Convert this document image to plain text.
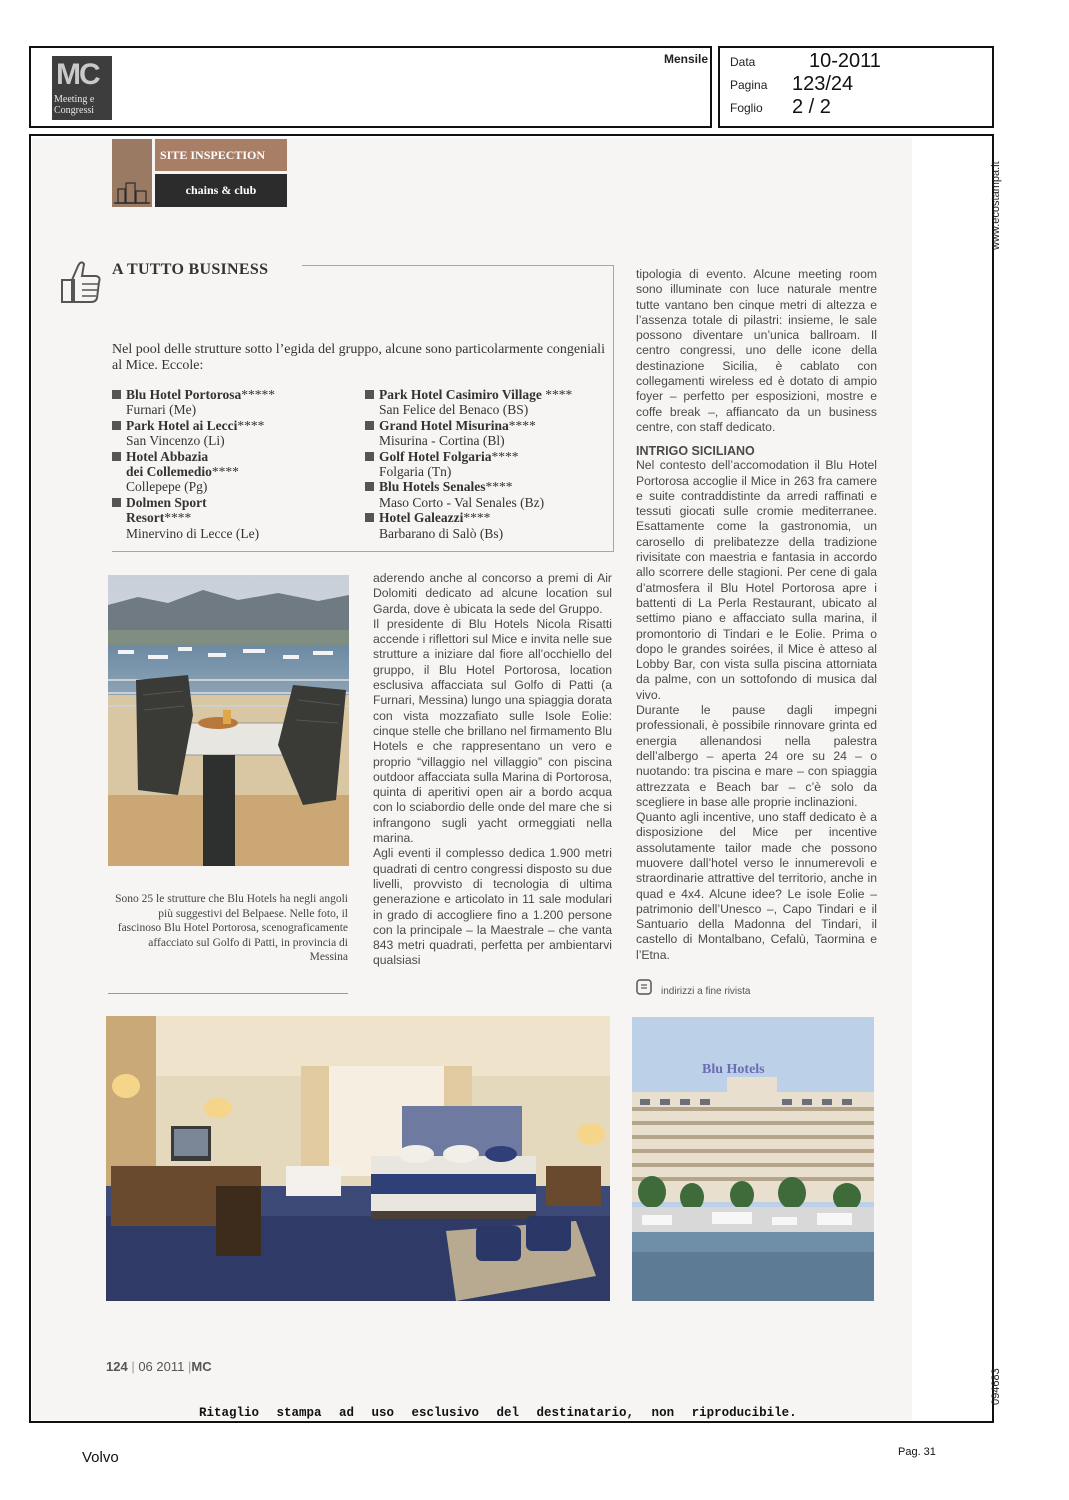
MC
Meeting e
Congressi
Mensile Data	10-2011
Pagina 123/24
Foglio 2 / 2
www.ecostampa.it
094683
SITE INSPECTION
chains & club
A TUTTO BUSINESS
Nel pool delle strutture sotto l’egida del gruppo, alcune sono particolarmente congeniali al Mice. Eccole:
Blu Hotel Portorosa*****
Furnari (Me)
Park Hotel ai Lecci****
San Vincenzo (Li)
Hotel Abbazia
dei Collemedio****
Collepepe (Pg)
Dolmen Sport
Resort****
Minervino di Lecce (Le)
Park Hotel Casimiro Village ****
San Felice del Benaco (BS)
Grand Hotel Misurina****
Misurina - Cortina (Bl)
Golf Hotel Folgaria****
Folgaria (Tn)
Blu Hotels Senales****
Maso Corto - Val Senales (Bz)
Hotel Galeazzi****
Barbarano di Salò (Bs)

tipologia di evento. Alcune meeting room sono illuminate con luce naturale mentre tutte vantano ben cinque metri di altezza e l’assenza totale di pilastri: insieme, le sale possono diventare un’unica ballroam. Il centro congressi, uno delle icone della destinazione Sicilia, è cablato con collegamenti wireless ed è dotato di ampio foyer – perfetto per esposizioni, mostre e coffe break –, affiancato da un business centre, con staff dedicato.

INTRIGO SICILIANO

Nel contesto dell’accomodation il Blu Hotel Portorosa accoglie il Mice in 263 fra camere e suite contraddistinte da arredi raffinati e tessuti giocati sulle cromie mediterranee. Esattamente come la gastronomia, un carosello di prelibatezze della tradizione rivisitate con maestria e fantasia in accordo allo scorrere delle stagioni. Per cene di gala d’atmosfera il Blu Hotel Portorosa apre i battenti di La Perla Restaurant, ubicato al settimo piano e affacciato sulla marina, il promontorio di Tindari e le Eolie. Prima o dopo le grandes soirées, il Mice è atteso al Lobby Bar, con vista sulla piscina attorniata da palme, con un sottofondo di musica dal vivo.

Durante le pause dagli impegni professionali, è possibile rinnovare grinta ed energia allenandosi nella palestra dell’albergo – aperta 24 ore su 24 – o nuotando: tra piscina e mare – con spiaggia attrezzata e Beach bar – c’è solo da scegliere in base alle proprie inclinazioni.

Quanto agli incentive, uno staff dedicato è a disposizione del Mice per incentive assolutamente tailor made che possono muovere dall’hotel verso le innumerevoli e straordinarie attrattive del territorio, anche in quad e 4x4. Alcune idee? Le isole Eolie – patrimonio dell’Unesco –, Capo Tindari e il Santuario della Madonna del Tindari, il castello di Montalbano, Cefalù, Taormina e l’Etna.

indirizzi a fine rivista
Sono 25 le strutture che Blu Hotels ha negli angoli più suggestivi del Belpaese. Nelle foto, il fascinoso Blu Hotel Portorosa, scenograficamente affacciato sul Golfo di Patti, in provincia di Messina

aderendo anche al concorso a premi di Air Dolomiti dedicato ad alcune location sul Garda, dove è ubicata la sede del Gruppo.

Il presidente di Blu Hotels Nicola Risatti accende i riflettori sul Mice e invita nelle sue strutture a iniziare dal fiore all’occhiello del gruppo, il Blu Hotel Portorosa, location esclusiva affacciata sul Golfo di Patti (a Furnari, Messina) lungo una spiaggia dorata con vista mozzafiato sulle Isole Eolie: cinque stelle che brillano nel firmamento Blu Hotels e che rappresentano un vero e proprio “villaggio nel villaggio” con piscina outdoor affacciata sulla Marina di Portorosa, quinta di aperitivi open air a bordo acqua con lo sciabordio delle onde del mare che si infrangono sugli yacht ormeggiati nella marina.

Agli eventi il complesso dedica 1.900 metri quadrati di centro congressi disposto su due livelli, provvisto di tecnologia di ultima generazione e articolato in 11 sale modulari in grado di accogliere fino a 1.200 persone con la principale – la Maestrale – che vanta 843 metri quadrati, perfetta per ambientarvi qualsiasi

Blu Hotels
124 | 06 2011 |MC
Ritaglio stampa ad uso esclusivo del destinatario, non riproducibile.
Volvo	Pag. 31
